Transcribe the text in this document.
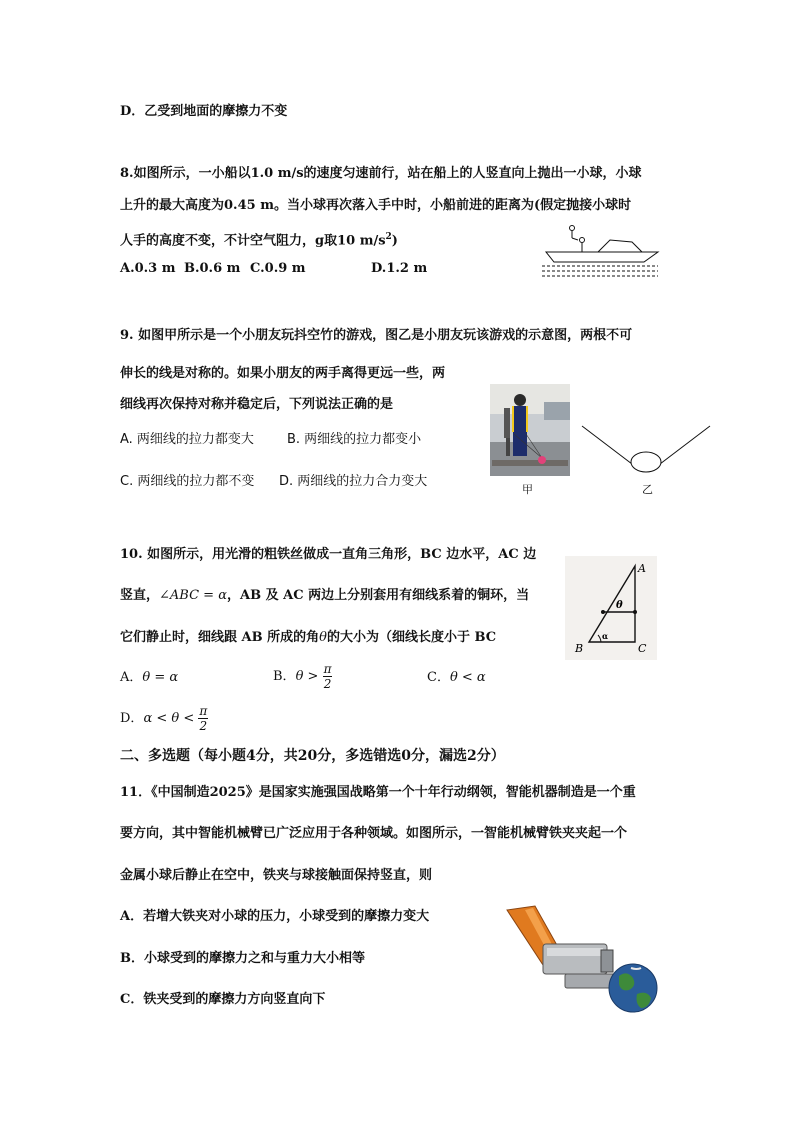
D．乙受到地面的摩擦力不变
8.如图所示，一小船以1.0 m/s的速度匀速前行，站在船上的人竖直向上抛出一小球，小球
上升的最大高度为0.45 m。当小球再次落入手中时，小船前进的距离为(假定抛接小球时
人手的高度不变，不计空气阻力，g取10 $m/s^2$)
A.0.3 m B.0.6 m C.0.9 m	D.1.2 m
9. 如图甲所示是一个小朋友玩抖空竹的游戏，图乙是小朋友玩该游戏的示意图，两根不可
伸长的线是对称的。如果小朋友的两手离得更远一些，两
细线再次保持对称并稳定后，下列说法正确的是
A. 两细线的拉力都变大	B. 两细线的拉力都变小
C. 两细线的拉力都不变 D. 两细线的拉力合力变大
甲	乙
10. 如图所示，用光滑的粗铁丝做成一直角三角形，BC 边水平，AC 边
竖直，∠ABC = α，AB 及 AC 两边上分别套用有细线系着的铜环，当
它们静止时，细线跟 AB 所成的角θ的大小为（细线长度小于 BC
A．θ = α	B．$\theta > \frac{\pi}{2}$	C．θ < α
D．$\alpha < \theta < \frac{\pi}{2}$
A
B	C
θ
α
二、多选题（每小题4分，共20分，多选错选0分，漏选2分）
11．《中国制造2025》是国家实施强国战略第一个十年行动纲领，智能机器制造是一个重
要方向，其中智能机械臂已广泛应用于各种领域。如图所示，一智能机械臂铁夹夹起一个
金属小球后静止在空中，铁夹与球接触面保持竖直，则
A．若增大铁夹对小球的压力，小球受到的摩擦力变大
B．小球受到的摩擦力之和与重力大小相等
C．铁夹受到的摩擦力方向竖直向下
